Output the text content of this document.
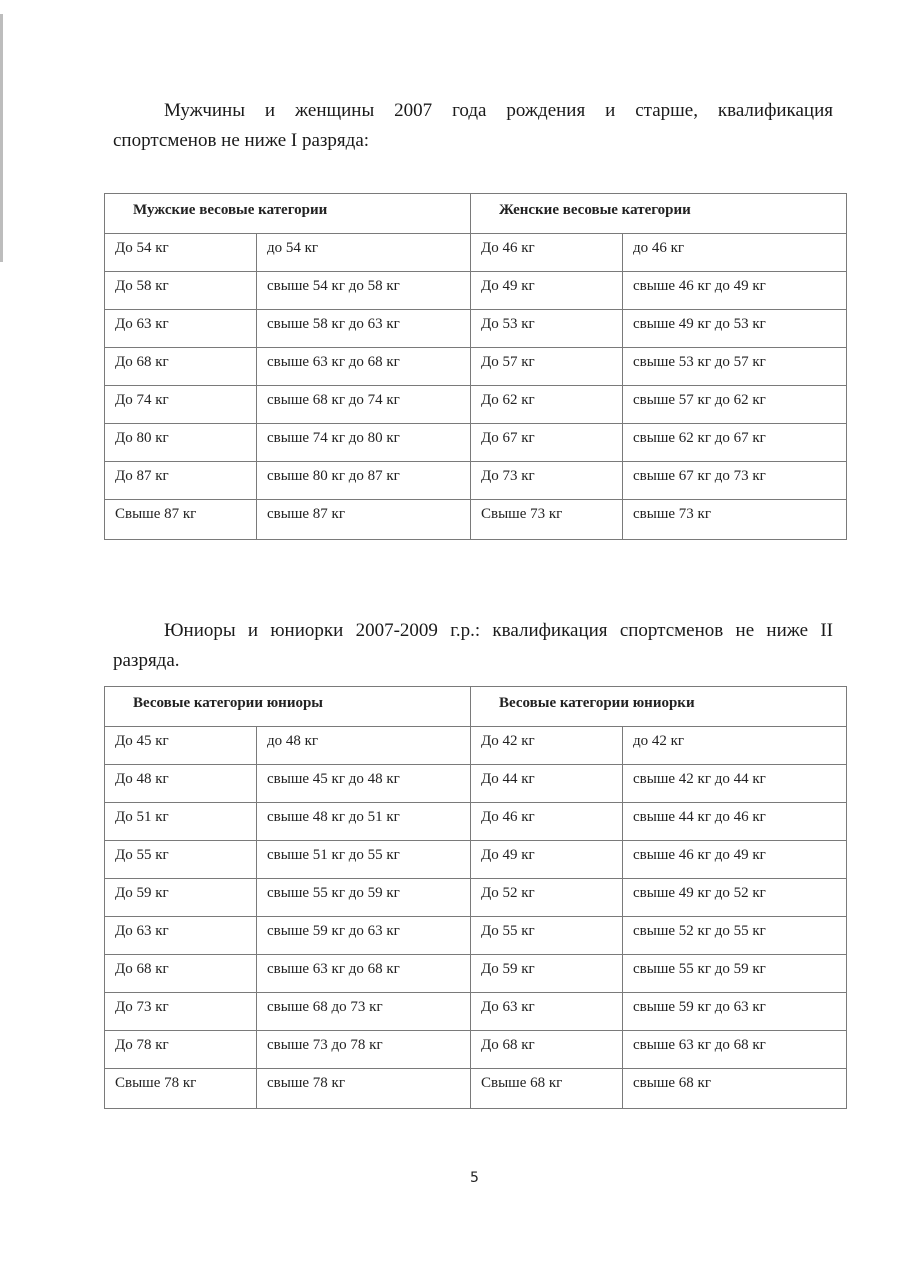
Мужчины и женщины 2007 года рождения и старше, квалификация
спортсменов не ниже I разряда:

Мужские весовые категории		Женские весовые категории	
До 54 кг	до 54 кг	До 46 кг	до 46 кг
До 58 кг	свыше 54 кг до 58 кг	До 49 кг	свыше 46 кг до 49 кг
До 63 кг	свыше 58 кг до 63 кг	До 53 кг	свыше 49 кг до 53 кг
До 68 кг	свыше 63 кг до 68 кг	До 57 кг	свыше 53 кг до 57 кг
До 74 кг	свыше 68 кг до 74 кг	До 62 кг	свыше 57 кг до 62 кг
До 80 кг	свыше 74 кг до 80 кг	До 67 кг	свыше 62 кг до 67 кг
До 87 кг	свыше 80 кг до 87 кг	До 73 кг	свыше 67 кг до 73 кг
Свыше 87 кг	свыше 87 кг	Свыше 73 кг	свыше 73 кг

Юниоры и юниорки 2007-2009 г.р.: квалификация спортсменов не ниже II
разряда.

Весовые категории юниоры		Весовые категории юниорки	
До 45 кг	до 48 кг	До 42 кг	до 42 кг
До 48 кг	свыше 45 кг до 48 кг	До 44 кг	свыше 42 кг до 44 кг
До 51 кг	свыше 48 кг до 51 кг	До 46 кг	свыше 44 кг до 46 кг
До 55 кг	свыше 51 кг до 55 кг	До 49 кг	свыше 46 кг до 49 кг
До 59 кг	свыше 55 кг до 59 кг	До 52 кг	свыше 49 кг до 52 кг
До 63 кг	свыше 59 кг до 63 кг	До 55 кг	свыше 52 кг до 55 кг
До 68 кг	свыше 63 кг до 68 кг	До 59 кг	свыше 55 кг до 59 кг
До 73 кг	свыше 68 до 73 кг	До 63 кг	свыше 59 кг до 63 кг
До 78 кг	свыше 73 до 78 кг	До 68 кг	свыше 63 кг до 68 кг
Свыше 78 кг	свыше 78 кг	Свыше 68 кг	свыше 68 кг
5
